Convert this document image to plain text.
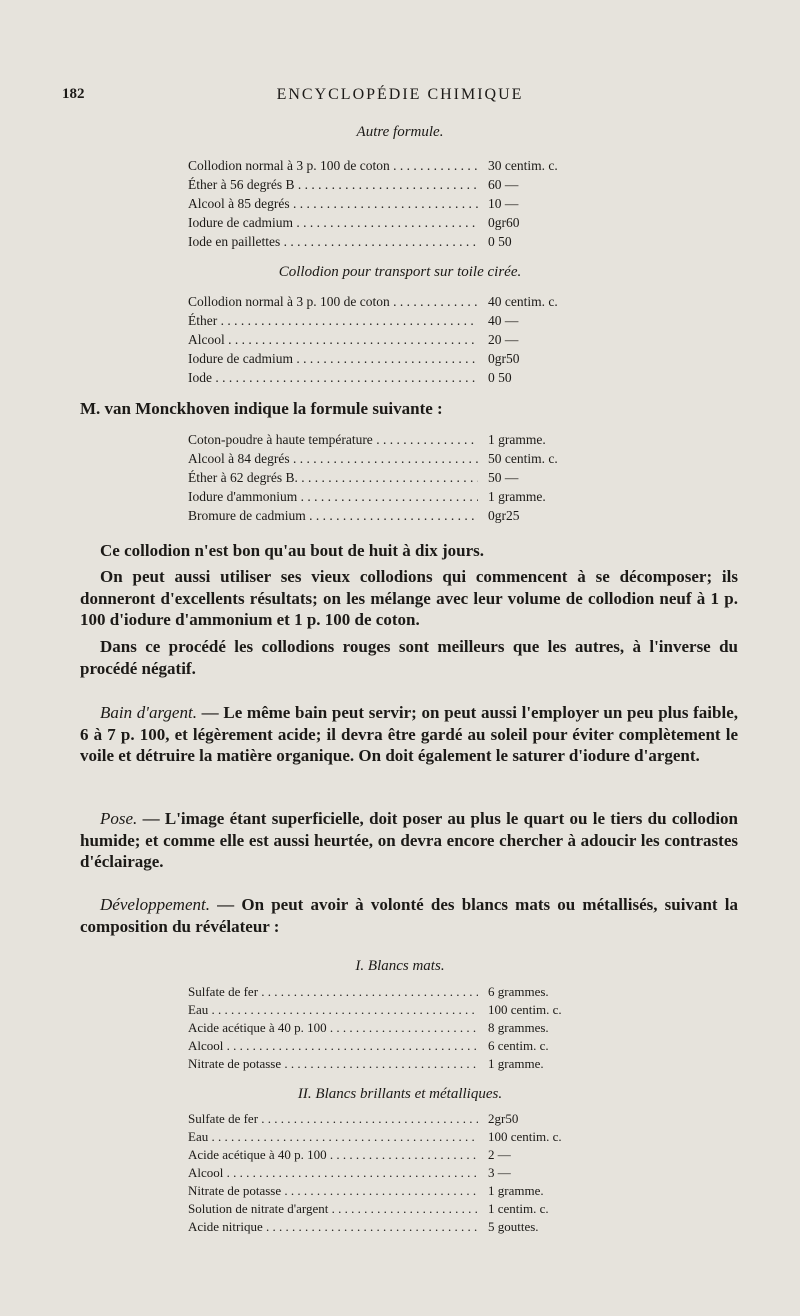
182	ENCYCLOPÉDIE CHIMIQUE
Autre formule.
Collodion normal à 3 p. 100 de coton . . .	30 centim. c.
Éther à 56 degrés B . . .	60 —
Alcool à 85 degrés . . .	10 —
Iodure de cadmium . . .	0gr60
Iode en paillettes . . .	0 50
Collodion pour transport sur toile cirée.
Collodion normal à 3 p. 100 de coton . . .	40 centim. c.
Éther . . .	40 —
Alcool . . .	20 —
Iodure de cadmium . . .	0gr50
Iode . . .	0 50
M. van Monckhoven indique la formule suivante :
Coton-poudre à haute température . . .	1 gramme.
Alcool à 84 degrés . . .	50 centim. c.
Éther à 62 degrés B. . . .	50 —
Iodure d'ammonium . . .	1 gramme.
Bromure de cadmium . . .	0gr25
Ce collodion n'est bon qu'au bout de huit à dix jours.
On peut aussi utiliser ses vieux collodions qui commencent à se décomposer; ils donneront d'excellents résultats; on les mélange avec leur volume de collodion neuf à 1 p. 100 d'iodure d'ammonium et 1 p. 100 de coton.
Dans ce procédé les collodions rouges sont meilleurs que les autres, à l'inverse du procédé négatif.
Bain d'argent. — Le même bain peut servir; on peut aussi l'employer un peu plus faible, 6 à 7 p. 100, et légèrement acide; il devra être gardé au soleil pour éviter complètement le voile et détruire la matière organique. On doit également le saturer d'iodure d'argent.
Pose. — L'image étant superficielle, doit poser au plus le quart ou le tiers du collodion humide; et comme elle est aussi heurtée, on devra encore chercher à adoucir les contrastes d'éclairage.
Développement. — On peut avoir à volonté des blancs mats ou métallisés, suivant la composition du révélateur :
I. Blancs mats.
Sulfate de fer . . .	6 grammes.
Eau . . .	100 centim. c.
Acide acétique à 40 p. 100 . . .	8 grammes.
Alcool . . .	6 centim. c.
Nitrate de potasse . . .	1 gramme.
II. Blancs brillants et métalliques.
Sulfate de fer . . .	2gr50
Eau . . .	100 centim. c.
Acide acétique à 40 p. 100 . . .	2 —
Alcool . . .	3 —
Nitrate de potasse . . .	1 gramme.
Solution de nitrate d'argent . . .	1 centim. c.
Acide nitrique . . .	5 gouttes.
